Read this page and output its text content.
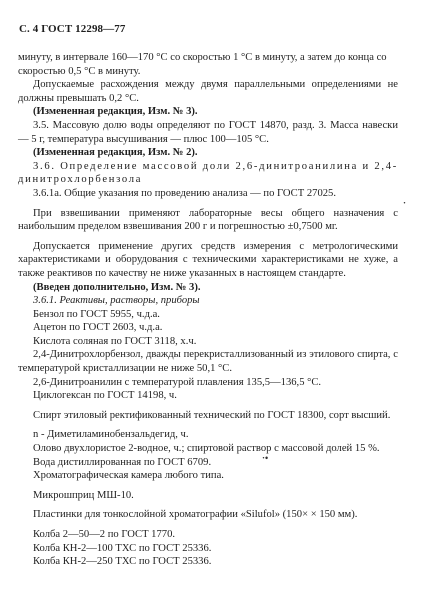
С. 4 ГОСТ 12298—77

минуту, в интервале 160—170 °С со скоростью 1 °С в минуту, а затем до конца со скоростью 0,5 °С в минуту.

Допускаемые расхождения между двумя параллельными определениями не должны превышать 0,2 °С.

(Измененная редакция, Изм. № 3).

3.5. Массовую долю воды определяют по ГОСТ 14870, разд. 3. Масса навески — 5 г, температура высушивания — плюс 100—105 °С.

(Измененная редакция, Изм. № 2).

3.6. Определение массовой доли 2,6-динитроанилина и 2,4-динитрохлорбензола

3.6.1а. Общие указания по проведению анализа — по ГОСТ 27025.

При взвешивании применяют лабораторные весы общего назначения с наибольшим пределом взвешивания 200 г и погрешностью ±0,7500 мг.

Допускается применение других средств измерения с метрологическими характеристиками и оборудования с техническими характеристиками не хуже, а также реактивов по качеству не ниже указанных в настоящем стандарте.

(Введен дополнительно, Изм. № 3).

3.6.1. Реактивы, растворы, приборы

Бензол по ГОСТ 5955, ч.д.а.

Ацетон по ГОСТ 2603, ч.д.а.

Кислота соляная по ГОСТ 3118, х.ч.

2,4-Динитрохлорбензол, дважды перекристаллизованный из этилового спирта, с температурой кристаллизации не ниже 50,1 °С.

2,6-Динитроанилин с температурой плавления 135,5—136,5 °С.

Циклогексан по ГОСТ 14198, ч.

Спирт этиловый ректификованный технический по ГОСТ 18300, сорт высший.

n - Диметиламинобензальдегид, ч.

Олово двухлористое 2-водное, ч.; спиртовой раствор с массовой долей 15 %.

Вода дистиллированная по ГОСТ 6709.

Хроматографическая камера любого типа.

Микрошприц МШ-10.

Пластинки для тонкослойной хроматографии «Silufol» (150× × 150 мм).

Колба 2—50—2 по ГОСТ 1770.

Колба КН-2—100 ТХС по ГОСТ 25336.

Колба КН-2—250 ТХС по ГОСТ 25336.

·
·•
